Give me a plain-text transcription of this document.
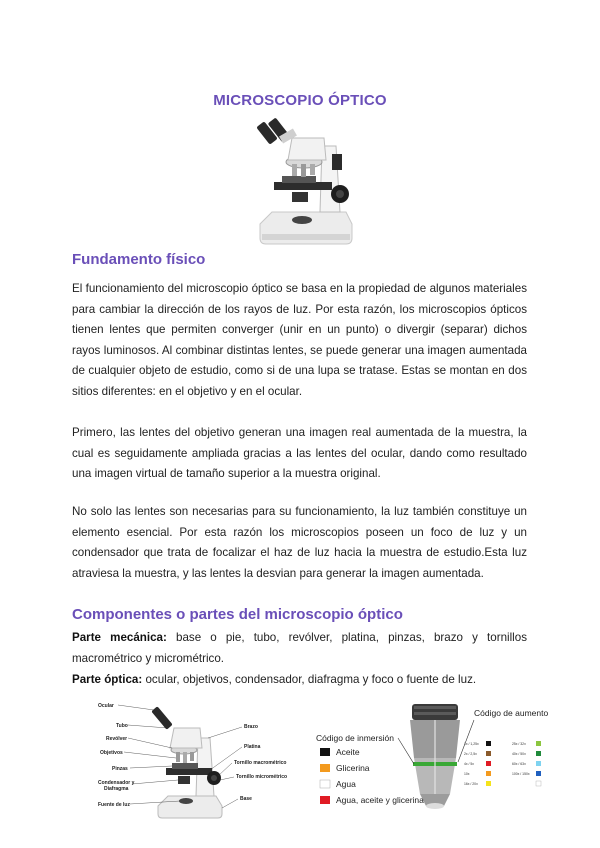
MICROSCOPIO ÓPTICO
Fundamento físico
El funcionamiento del microscopio óptico se basa en la propiedad de algunos materiales para cambiar la dirección de los rayos de luz. Por esta razón, los microscopios ópticos tienen lentes que permiten converger (unir en un punto) o divergir (separar) dichos rayos luminosos. Al combinar distintas lentes, se puede generar una imagen aumentada de cualquier objeto de estudio, como si de una lupa se tratase. Estas se montan en dos sitios diferentes: en el objetivo y en el ocular.
Primero, las lentes del objetivo generan una imagen real aumentada de la muestra, la cual es seguidamente ampliada gracias a las lentes del ocular, dando como resultado una imagen virtual de tamaño superior a la muestra original.
No solo las lentes son necesarias para su funcionamiento, la luz también constituye un elemento esencial. Por esta razón los microscopios poseen un foco de luz y un condensador que trata de focalizar el haz de luz hacia la muestra de estudio.Esta luz atraviesa la muestra, y las lentes la desvian para generar la imagen aumentada.
Componentes o partes del microscopio óptico
Parte mecánica: base o pie, tubo, revólver, platina, pinzas, brazo y tornillos macrométrico y micrométrico.
Parte óptica: ocular, objetivos, condensador, diafragma y foco o fuente de luz.
Ocular
Tubo
Revólver
Objetivos
Pinzas
Condensador y
Diafragma
Fuente de luz
Brazo
Platina
Tornillo macrométrico
Tornillo micrométrico
Base
Código de inmersión
Aceite
Glicerina
Agua
Agua, aceite y glicerina
Código de aumento
1x / 1,25x
2x / 2,5x
4x / 5x
10x
16x / 20x
25x / 32x
40x / 50x
60x / 63x
100x / 150x
